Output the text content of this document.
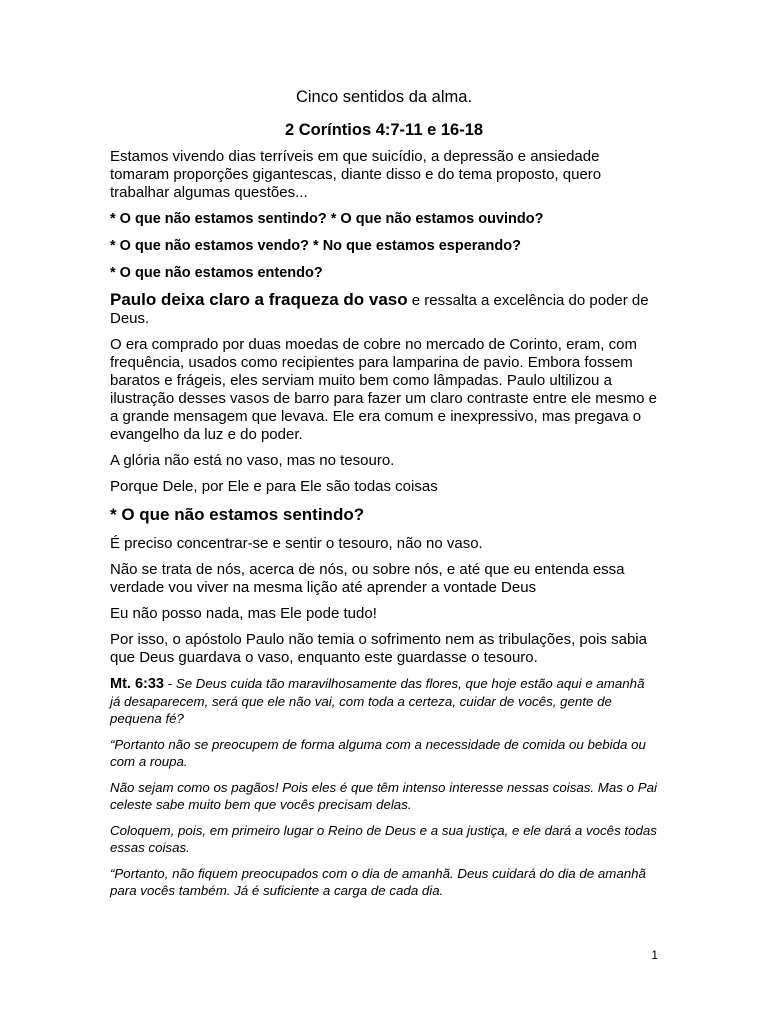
Cinco sentidos da alma.
2 Coríntios 4:7-11 e 16-18

Estamos vivendo dias terríveis em que suicídio, a depressão e ansiedade tomaram proporções gigantescas, diante disso e do tema proposto, quero trabalhar algumas questões...

* O que não estamos sentindo? * O que não estamos ouvindo?

* O que não estamos vendo? * No que estamos esperando?

* O que não estamos entendo?

Paulo deixa claro a fraqueza do vaso e ressalta a excelência do poder de Deus.

O era comprado por duas moedas de cobre no mercado de Corinto, eram, com frequência, usados como recipientes para lamparina de pavio. Embora fossem baratos e frágeis, eles serviam muito bem como lâmpadas. Paulo ultilizou a ilustração desses vasos de barro para fazer um claro contraste entre ele mesmo e a grande mensagem que levava. Ele era comum e inexpressivo, mas pregava o evangelho da luz e do poder.

A glória não está no vaso, mas no tesouro.

Porque Dele, por Ele e para Ele são todas coisas

* O que não estamos sentindo?

É preciso concentrar-se e sentir o tesouro, não no vaso.

Não se trata de nós, acerca de nós, ou sobre nós, e até que eu entenda essa verdade vou viver na mesma lição até aprender a vontade Deus

Eu não posso nada, mas Ele pode tudo!

Por isso, o apóstolo Paulo não temia o sofrimento nem as tribulações, pois sabia que Deus guardava o vaso, enquanto este guardasse o tesouro.

Mt. 6:33 - Se Deus cuida tão maravilhosamente das flores, que hoje estão aqui e amanhã já desaparecem, será que ele não vai, com toda a certeza, cuidar de vocês, gente de pequena fé?

“Portanto não se preocupem de forma alguma com a necessidade de comida ou bebida ou com a roupa.

Não sejam como os pagãos! Pois eles é que têm intenso interesse nessas coisas. Mas o Pai celeste sabe muito bem que vocês precisam delas.

Coloquem, pois, em primeiro lugar o Reino de Deus e a sua justiça, e ele dará a vocês todas essas coisas.

“Portanto, não fiquem preocupados com o dia de amanhã. Deus cuidará do dia de amanhã para vocês também. Já é suficiente a carga de cada dia.

1
